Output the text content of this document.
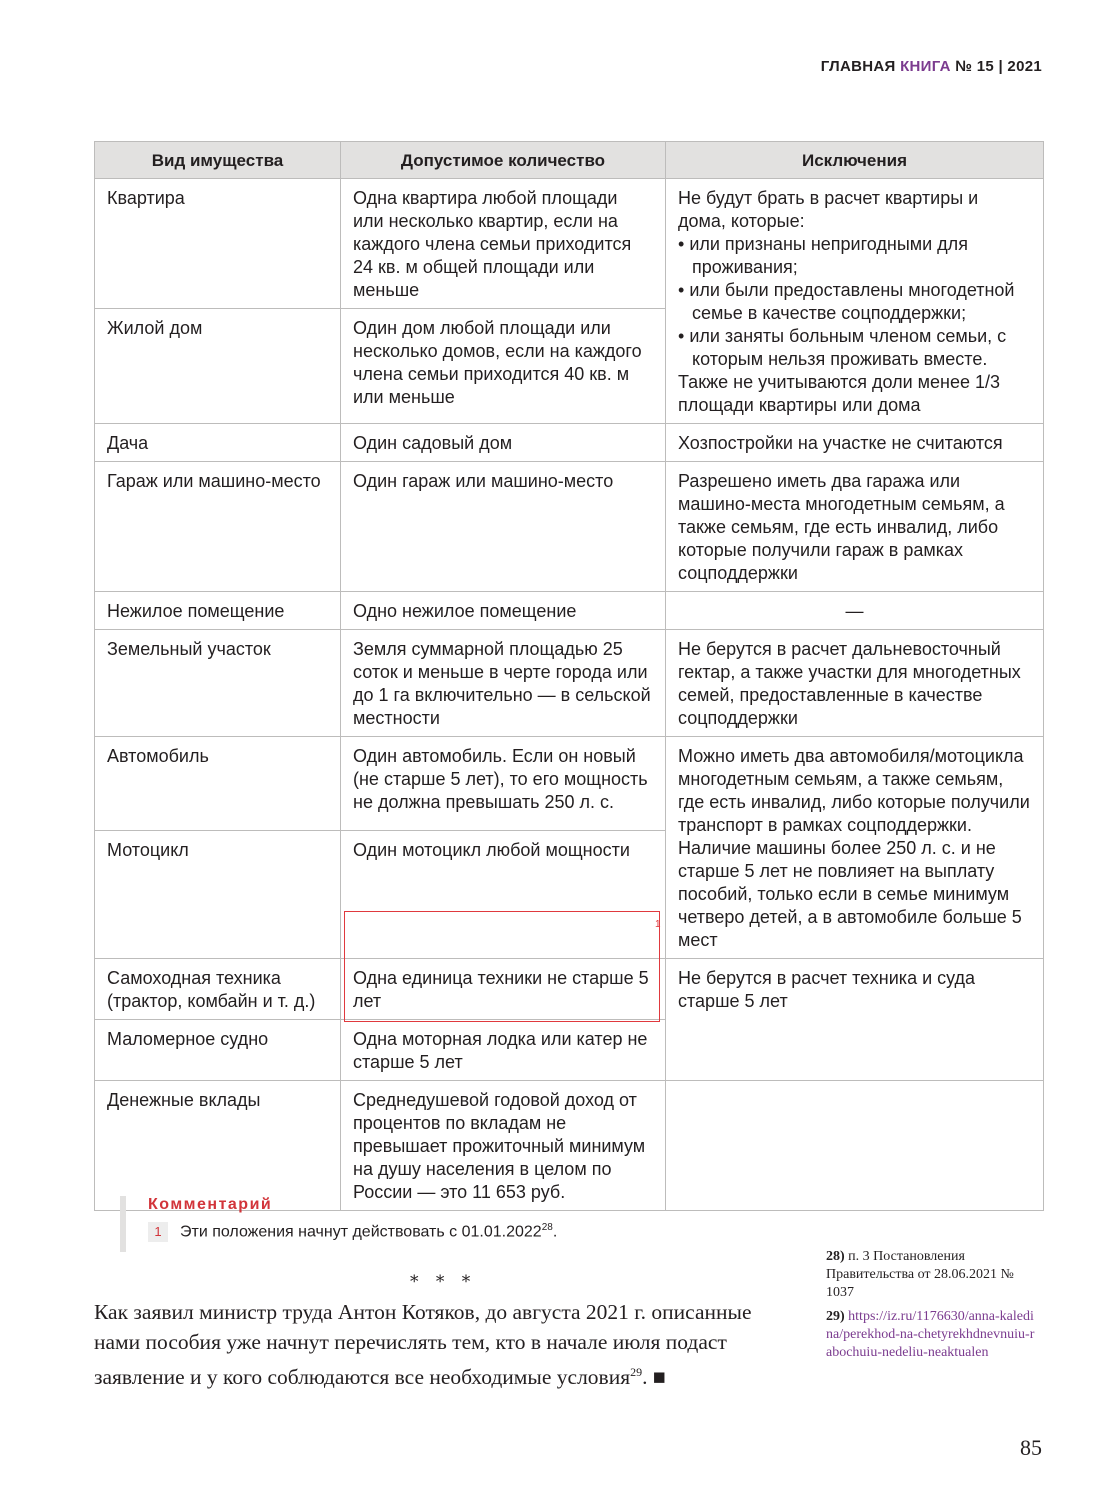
ГЛАВНАЯ КНИГА № 15 | 2021
Вид имущества	Допустимое количество	Исключения
Квартира	Одна квартира любой площади или несколько квартир, если на каждого члена семьи приходится 24 кв. м общей площади или меньше	Не будут брать в расчет квартиры и дома, которые:
• или признаны непригодными для проживания;
• или были предоставлены многодетной семье в качестве соцподдержки;
• или заняты больным членом семьи, с которым нельзя проживать вместе.
Также не учитываются доли менее 1/3 площади квартиры или дома

Жилой дом	Один дом любой площади или несколько домов, если на каждого члена семьи приходится 40 кв. м или меньше	
Дача	Один садовый дом	Хозпостройки на участке не считаются
Гараж или машино-место	Один гараж или машино-место	Разрешено иметь два гаража или машино-места многодетным семьям, а также семьям, где есть инвалид, либо которые получили гараж в рамках соцподдержки
Нежилое помещение	Одно нежилое помещение	—
Земельный участок	Земля суммарной площадью 25 соток и меньше в черте города или до 1 га включительно — в сельской местности	Не берутся в расчет дальневосточный гектар, а также участки для многодетных семей, предоставленные в качестве соцподдержки
Автомобиль	Один автомобиль. Если он новый (не старше 5 лет), то его мощность не должна превышать 250 л. с.	Можно иметь два автомобиля/мотоцикла многодетным семьям, а также семьям, где есть инвалид, либо которые получили транспорт в рамках соцподдержки. Наличие машины более 250 л. с. и не старше 5 лет не повлияет на выплату пособий, только если в семье минимум четверо детей, а в автомобиле больше 5 мест
Мотоцикл	Один мотоцикл любой мощности	
Самоходная техника (трактор, комбайн и т. д.)	Одна единица техники не старше 5 лет	Не берутся в расчет техника и суда старше 5 лет
Маломерное судно	Одна моторная лодка или катер не старше 5 лет	
Денежные вклады	Среднедушевой годовой доход от процентов по вкладам не превышает прожиточный минимум на душу населения в целом по России — это 11 653 руб.	
1
Комментарий
1	Эти положения начнут действовать с 01.01.2022$^{28}$.
* * *
Как заявил министр труда Антон Котяков, до августа 2021 г. описанные нами пособия уже начнут перечислять тем, кто в начале июля подаст заявление и у кого соблюдаются все необходимые условия$^{29}$. ■
28) п. 3 Постановления Правительства от 28.06.2021 № 1037
29) https://iz.ru/1176630/anna-kaledina/perekhod-na-chetyrekhdnevnuiu-rabochuiu-nedeliu-neaktualen
85
